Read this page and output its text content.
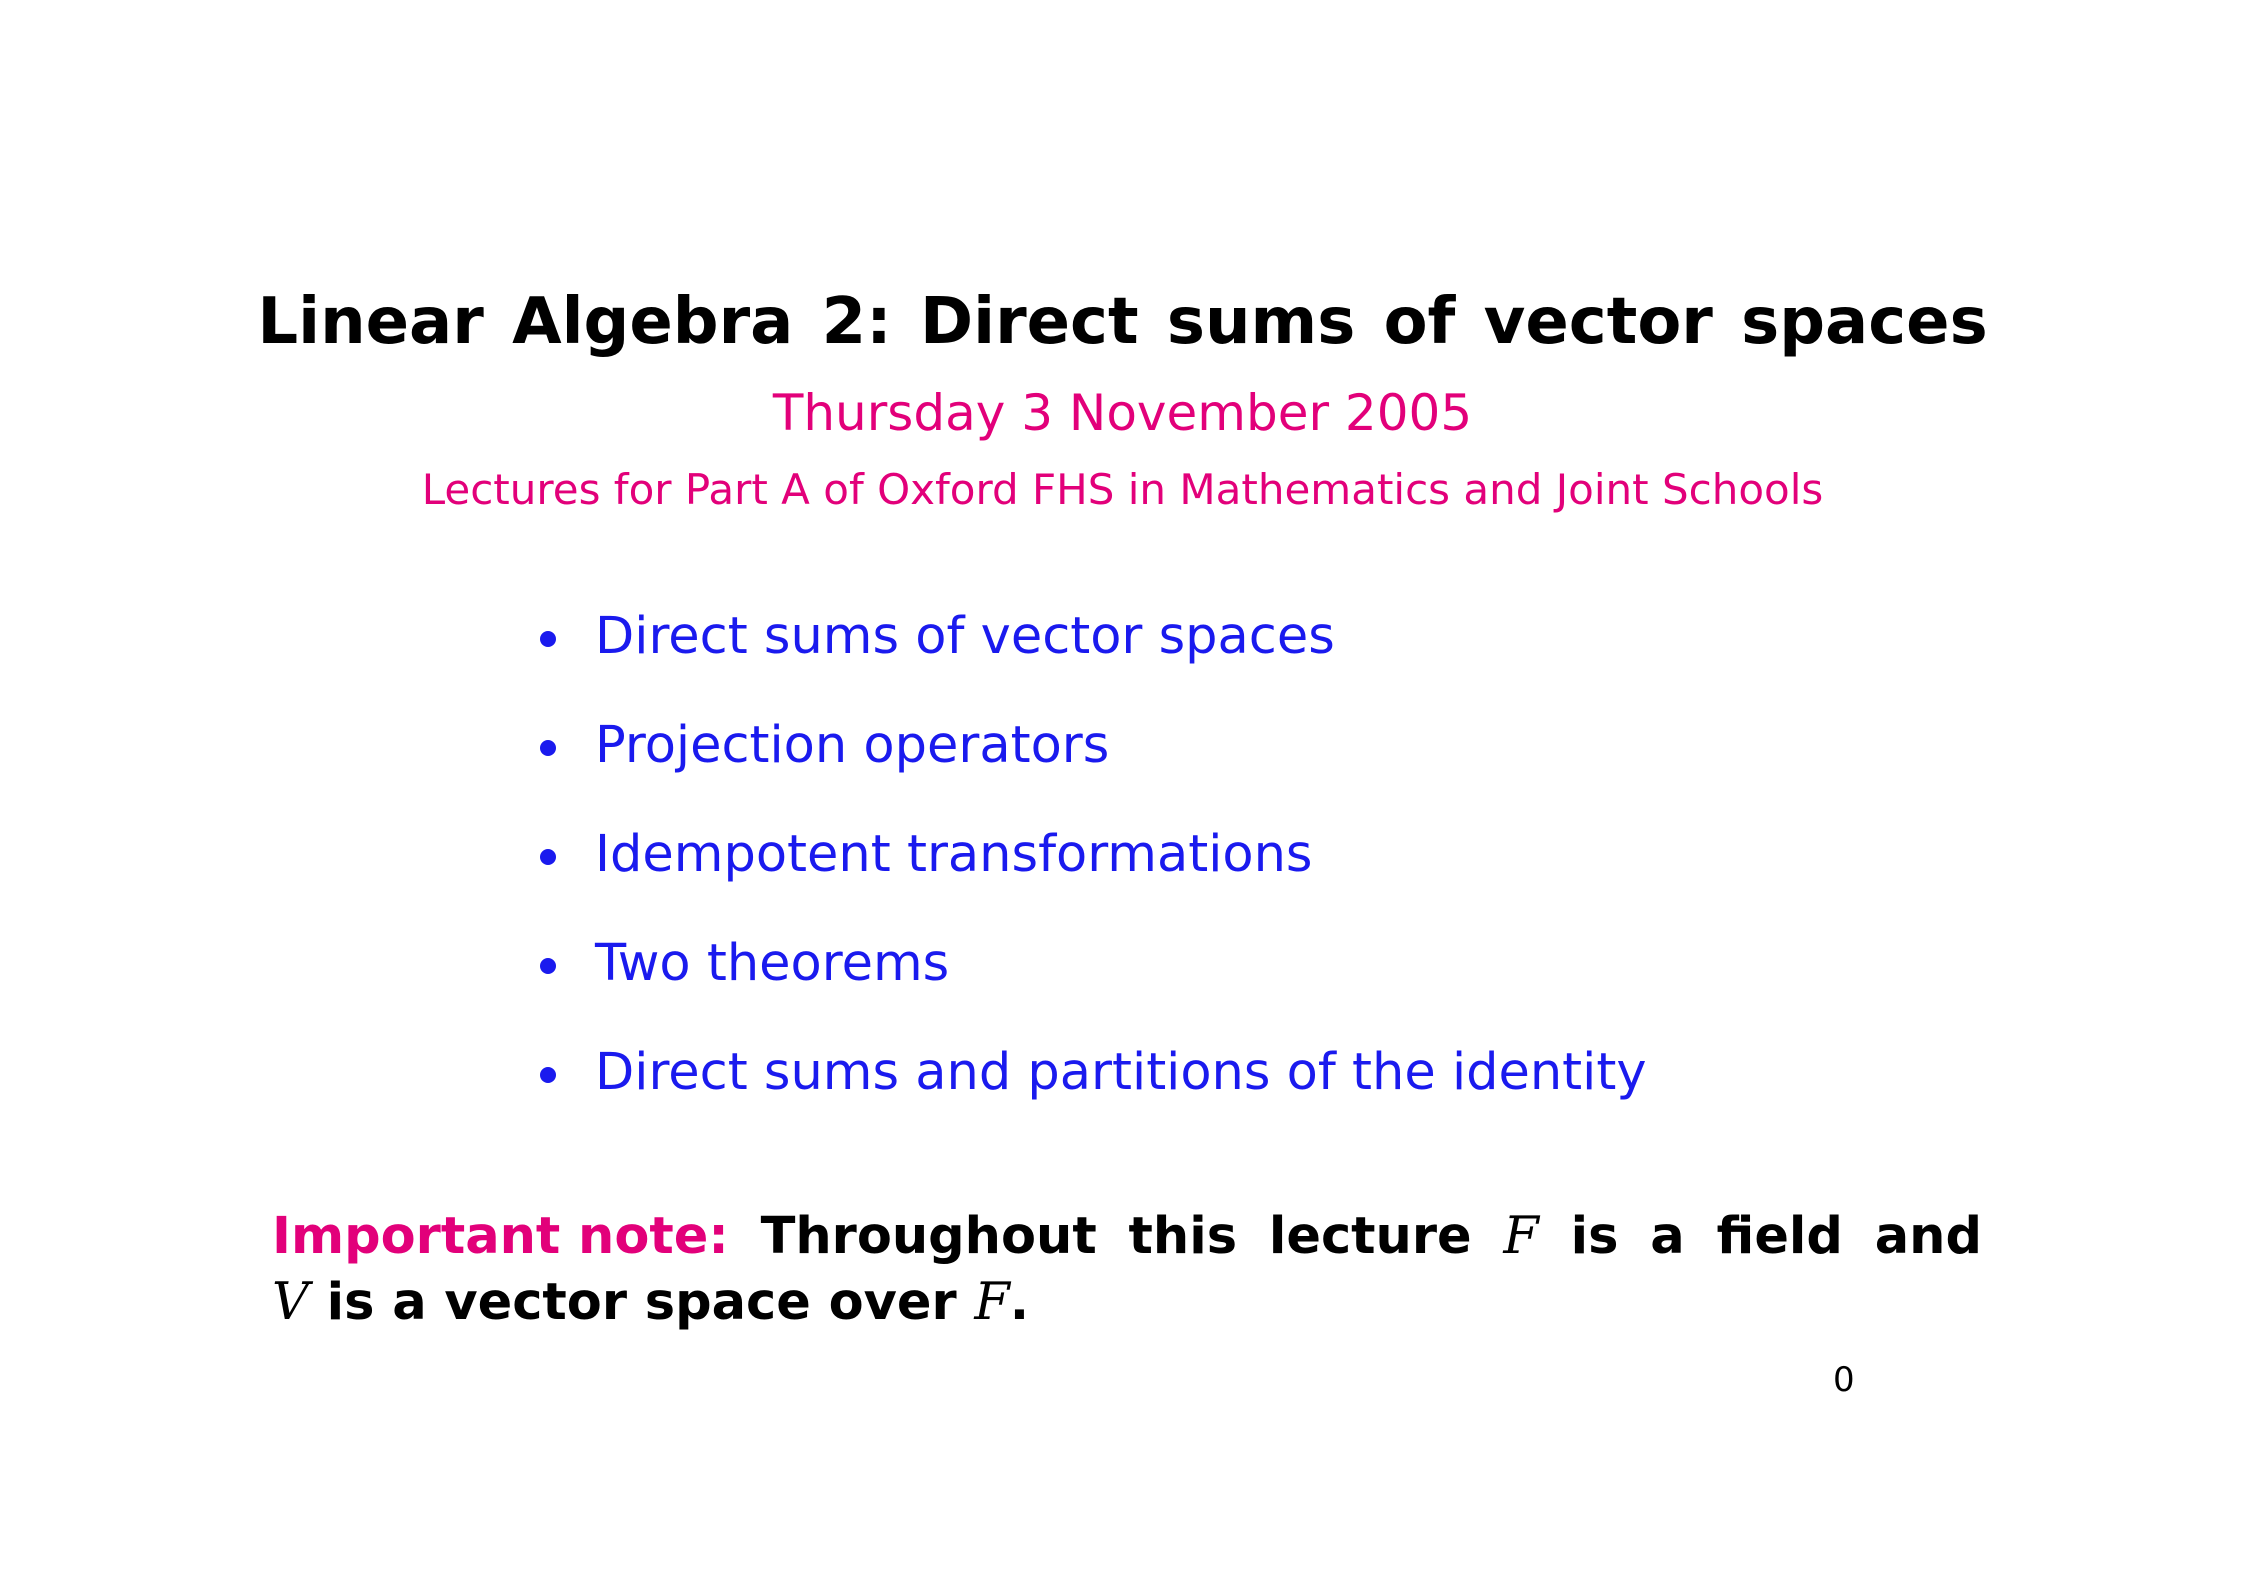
Linear Algebra 2: Direct sums of vector spaces
Thursday 3 November 2005
Lectures for Part A of Oxford FHS in Mathematics and Joint Schools
Direct sums of vector spaces
Projection operators
Idempotent transformations
Two theorems
Direct sums and partitions of the identity
Important note: Throughout this lecture F is a field and
V is a vector space over F.
0
